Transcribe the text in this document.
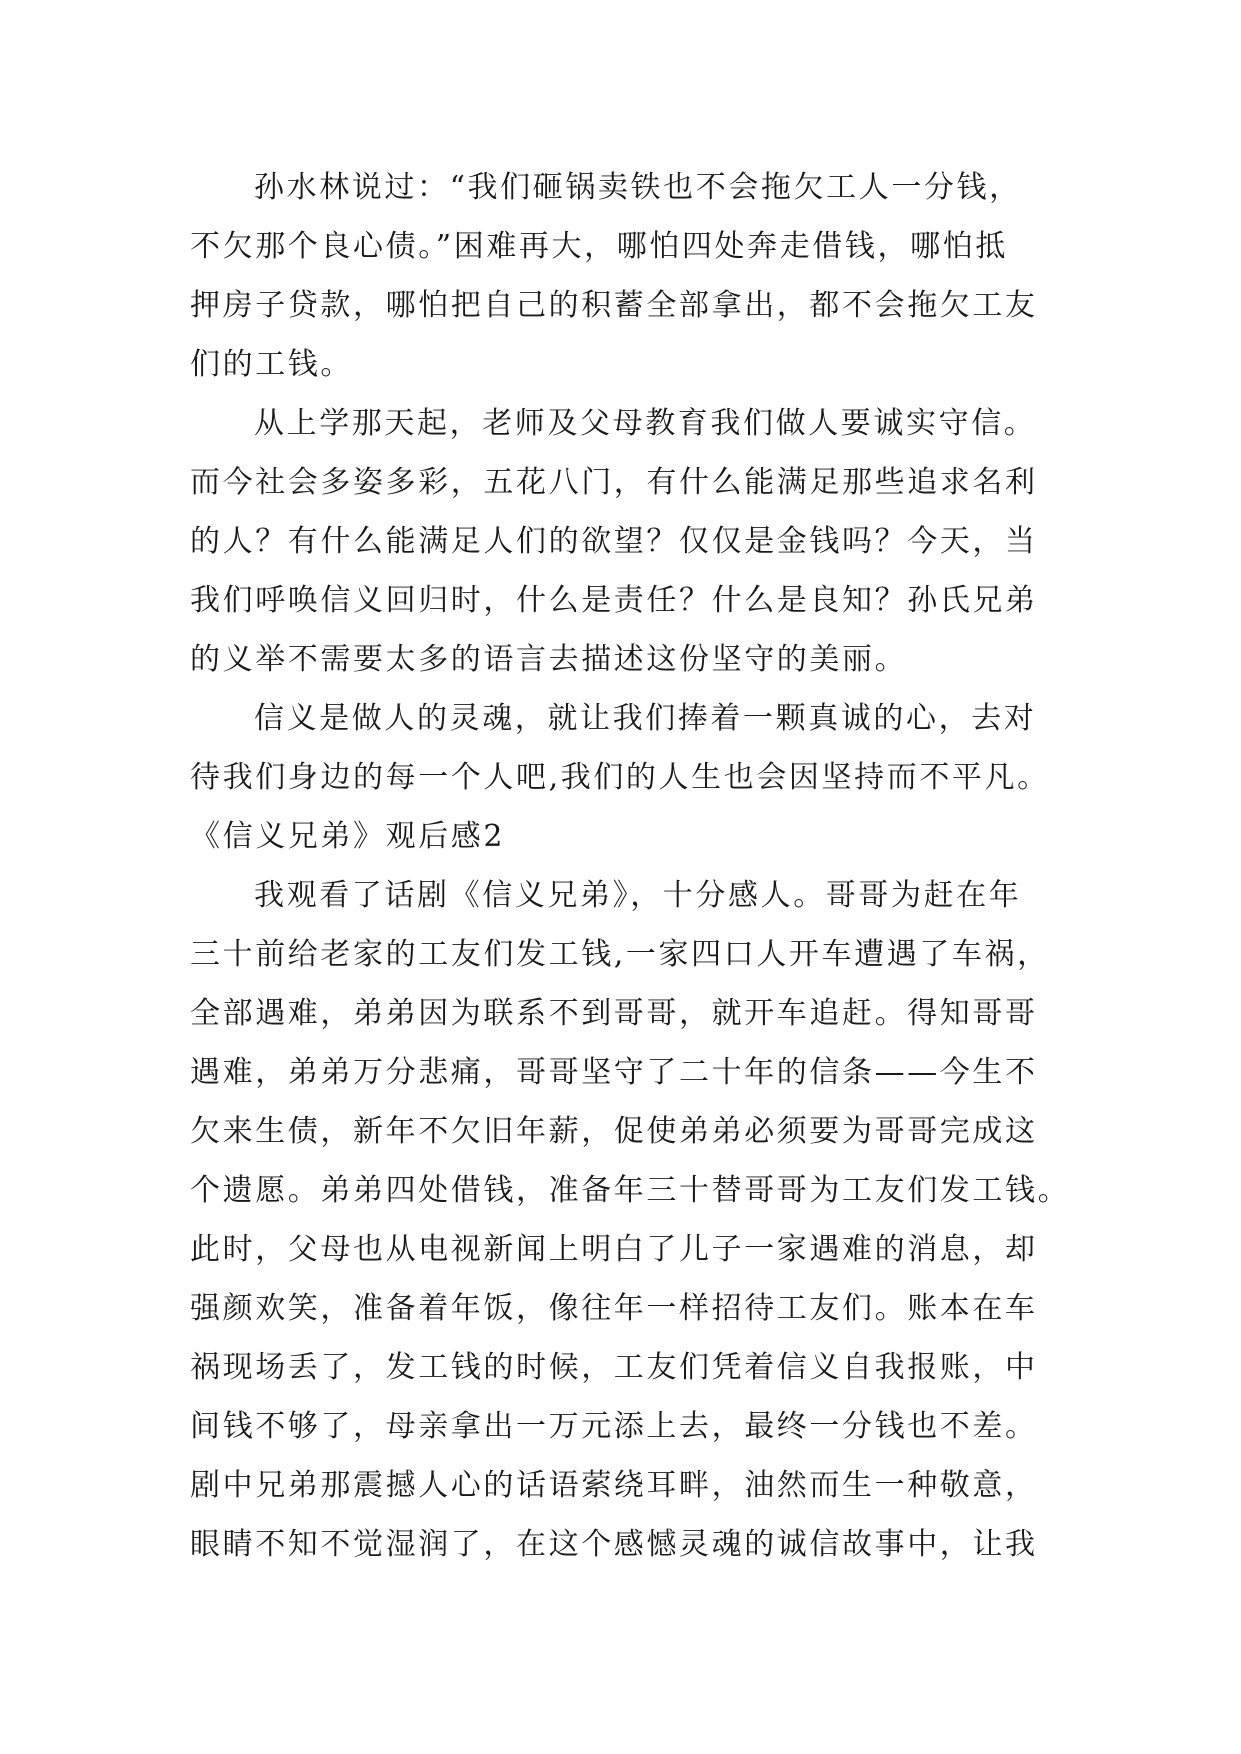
孙水林说过：“我们砸锅卖铁也不会拖欠工人一分钱，
不欠那个良心债。”困难再大，哪怕四处奔走借钱，哪怕抵
押房子贷款，哪怕把自己的积蓄全部拿出，都不会拖欠工友
们的工钱。
从上学那天起，老师及父母教育我们做人要诚实守信。
而今社会多姿多彩，五花八门，有什么能满足那些追求名利
的人？有什么能满足人们的欲望？仅仅是金钱吗？今天，当
我们呼唤信义回归时，什么是责任？什么是良知？孙氏兄弟
的义举不需要太多的语言去描述这份坚守的美丽。
信义是做人的灵魂，就让我们捧着一颗真诚的心，去对
待我们身边的每一个人吧,我们的人生也会因坚持而不平凡。
《信义兄弟》观后感2
我观看了话剧《信义兄弟》，十分感人。哥哥为赶在年
三十前给老家的工友们发工钱,一家四口人开车遭遇了车祸，
全部遇难，弟弟因为联系不到哥哥，就开车追赶。得知哥哥
遇难，弟弟万分悲痛，哥哥坚守了二十年的信条——今生不
欠来生债，新年不欠旧年薪，促使弟弟必须要为哥哥完成这
个遗愿。弟弟四处借钱，准备年三十替哥哥为工友们发工钱。
此时，父母也从电视新闻上明白了儿子一家遇难的消息，却
强颜欢笑，准备着年饭，像往年一样招待工友们。账本在车
祸现场丢了，发工钱的时候，工友们凭着信义自我报账，中
间钱不够了，母亲拿出一万元添上去，最终一分钱也不差。
剧中兄弟那震撼人心的话语萦绕耳畔，油然而生一种敬意，
眼睛不知不觉湿润了，在这个感憾灵魂的诚信故事中，让我
